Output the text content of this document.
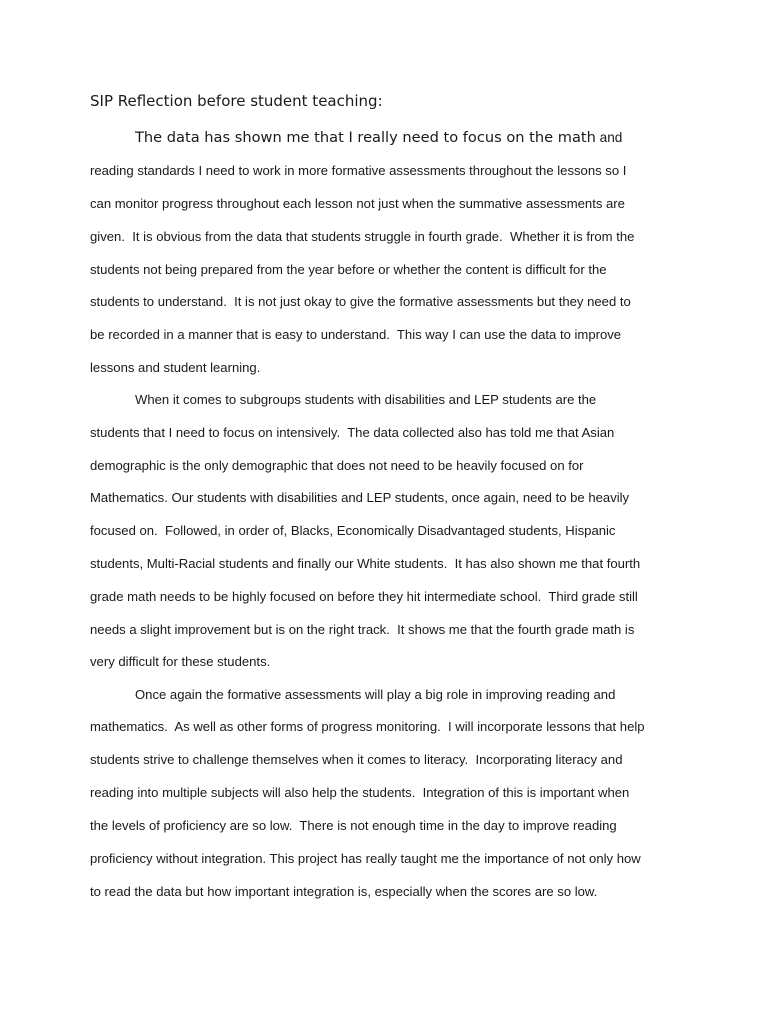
SIP Reflection before student teaching:
The data has shown me that I really need to focus on the math and
reading standards I need to work in more formative assessments throughout the lessons so I
can monitor progress throughout each lesson not just when the summative assessments are
given.  It is obvious from the data that students struggle in fourth grade.  Whether it is from the
students not being prepared from the year before or whether the content is difficult for the
students to understand.  It is not just okay to give the formative assessments but they need to
be recorded in a manner that is easy to understand.  This way I can use the data to improve
lessons and student learning.
When it comes to subgroups students with disabilities and LEP students are the
students that I need to focus on intensively.  The data collected also has told me that Asian
demographic is the only demographic that does not need to be heavily focused on for
Mathematics. Our students with disabilities and LEP students, once again, need to be heavily
focused on.  Followed, in order of, Blacks, Economically Disadvantaged students, Hispanic
students, Multi-Racial students and finally our White students.  It has also shown me that fourth
grade math needs to be highly focused on before they hit intermediate school.  Third grade still
needs a slight improvement but is on the right track.  It shows me that the fourth grade math is
very difficult for these students.
Once again the formative assessments will play a big role in improving reading and
mathematics.  As well as other forms of progress monitoring.  I will incorporate lessons that help
students strive to challenge themselves when it comes to literacy.  Incorporating literacy and
reading into multiple subjects will also help the students.  Integration of this is important when
the levels of proficiency are so low.  There is not enough time in the day to improve reading
proficiency without integration. This project has really taught me the importance of not only how
to read the data but how important integration is, especially when the scores are so low.
